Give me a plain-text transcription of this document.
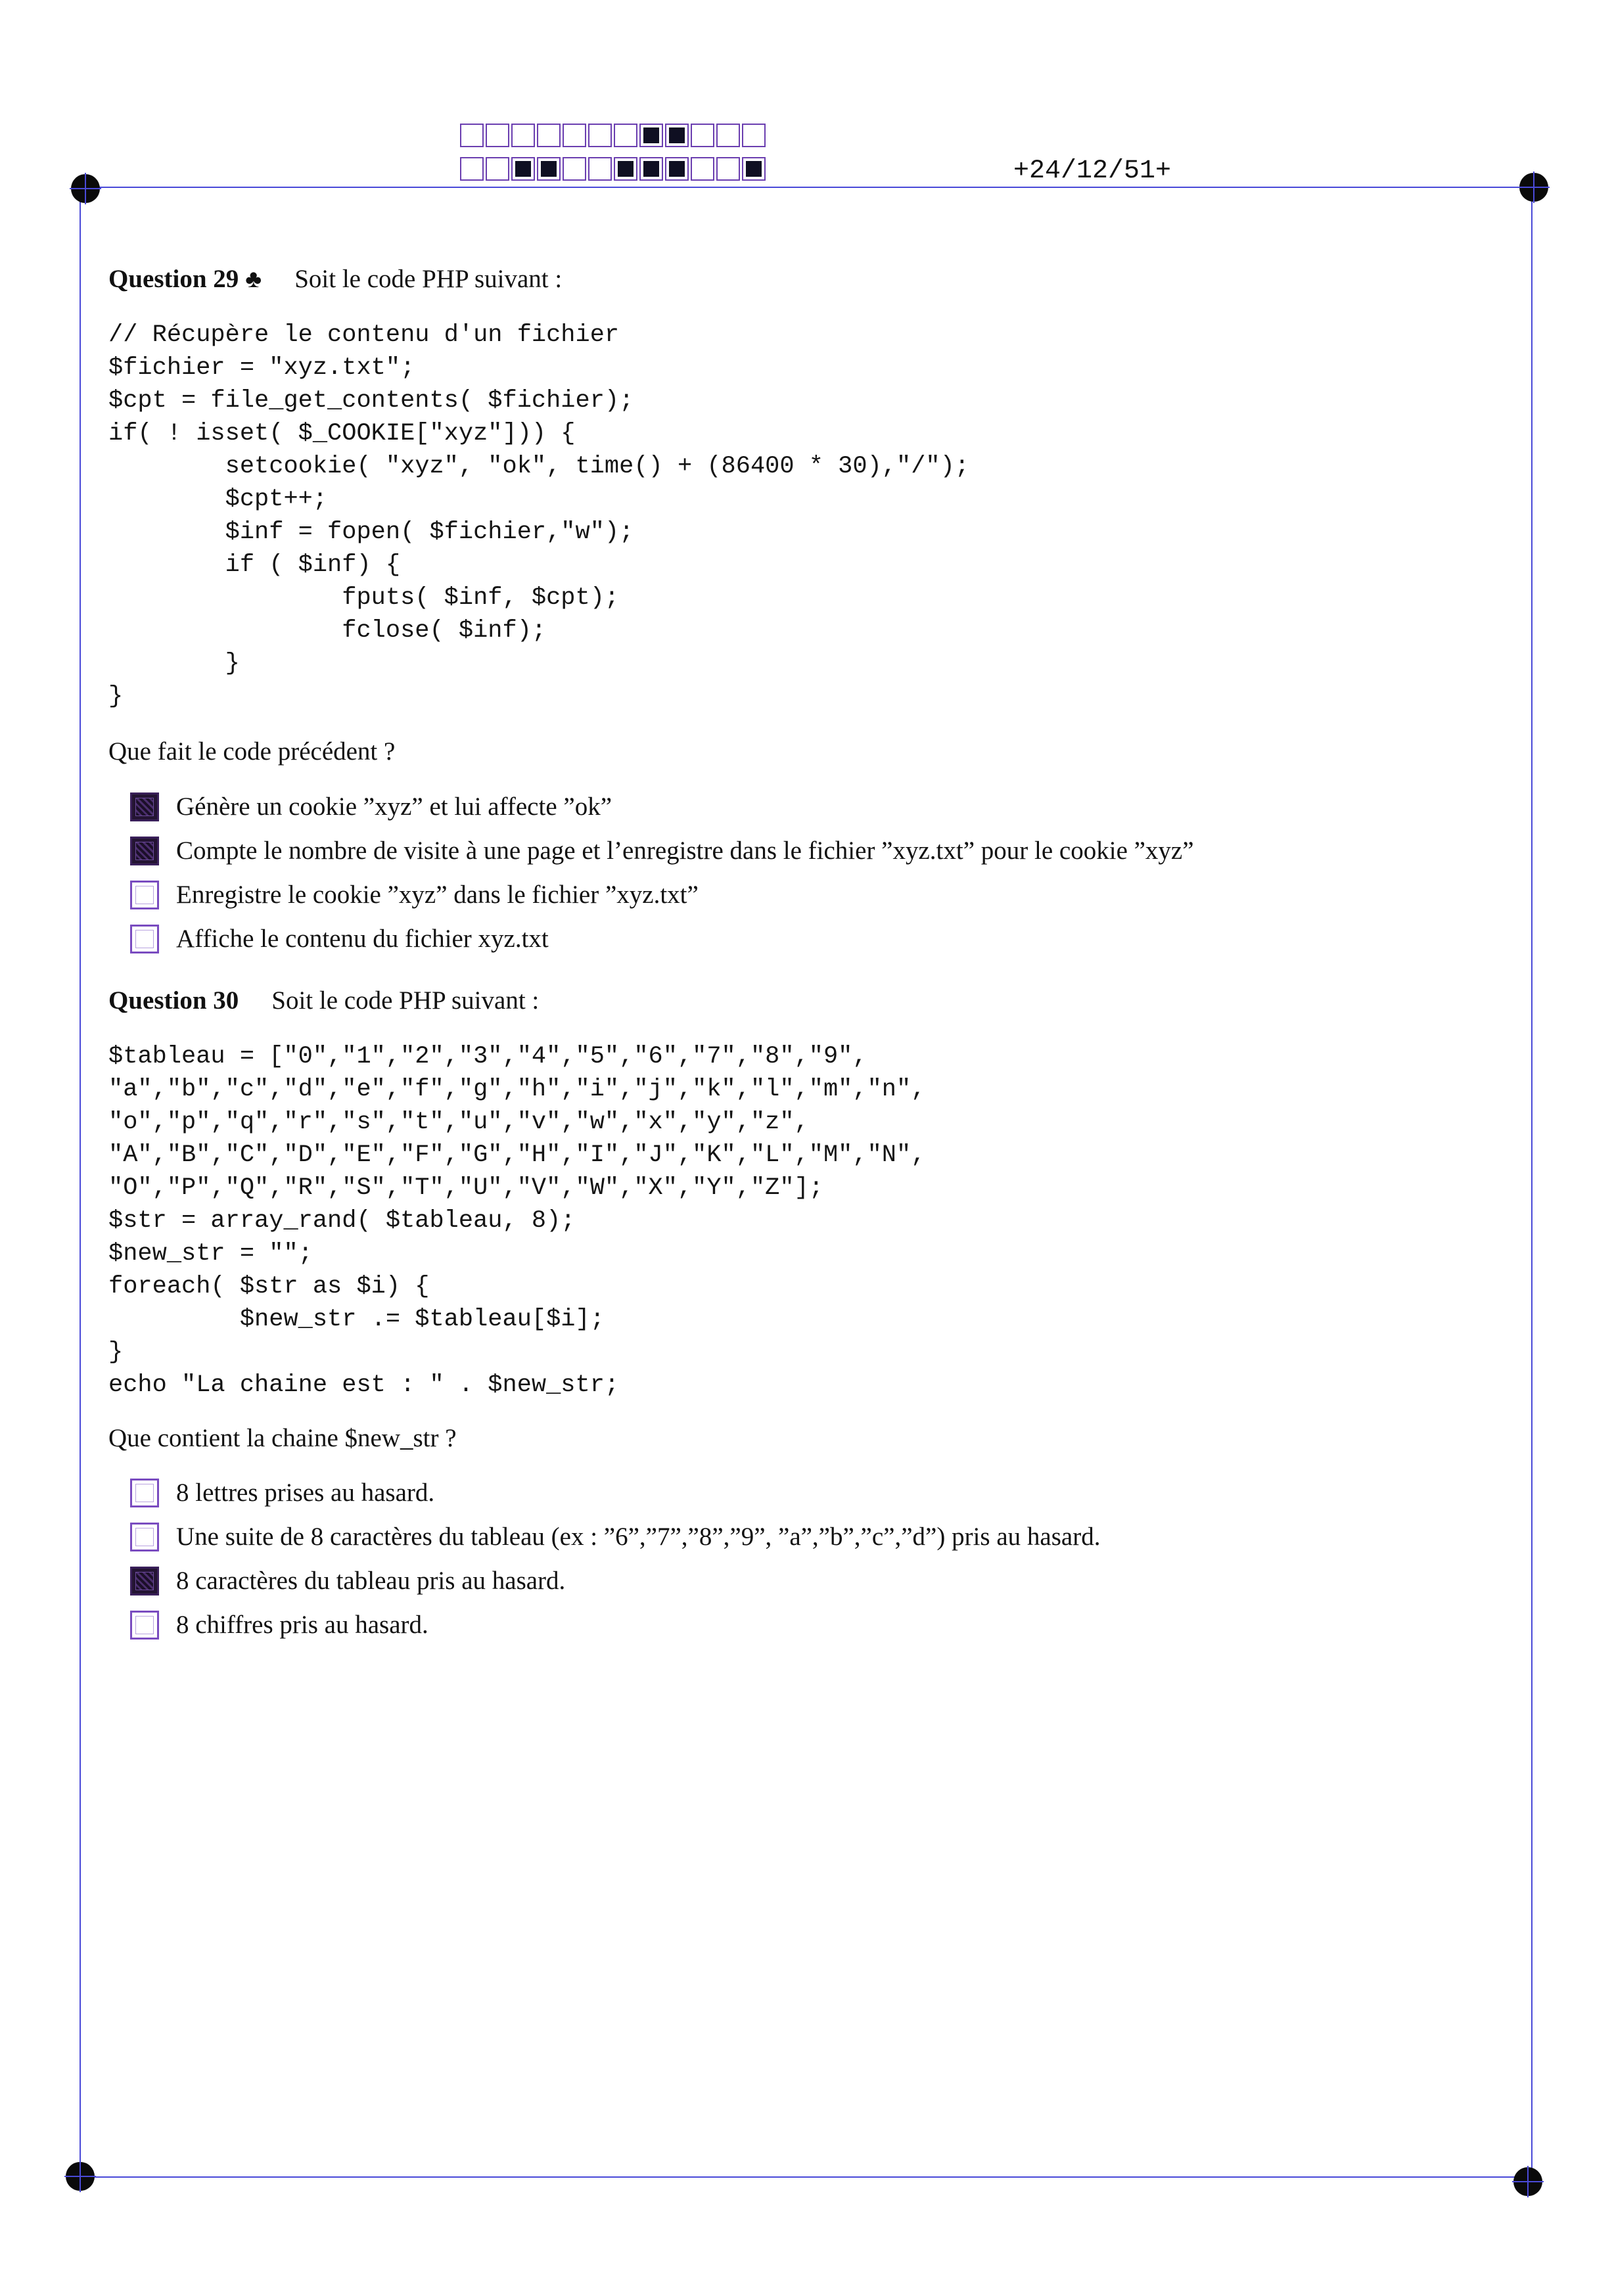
+24/12/51+
Question 29 ♣ Soit le code PHP suivant :
// Récupère le contenu d'un fichier
$fichier = "xyz.txt";
$cpt = file_get_contents( $fichier);
if( ! isset( $_COOKIE["xyz"])) {
setcookie( "xyz", "ok", time() + (86400 * 30),"/");
$cpt++;
$inf = fopen( $fichier,"w");
if ( $inf) {
fputs( $inf, $cpt);
fclose( $inf);
}
}
Que fait le code précédent ?
Génère un cookie ”xyz” et lui affecte ”ok”
Compte le nombre de visite à une page et l’enregistre dans le fichier ”xyz.txt” pour le cookie ”xyz”
Enregistre le cookie ”xyz” dans le fichier ”xyz.txt”
Affiche le contenu du fichier xyz.txt
Question 30 Soit le code PHP suivant :
$tableau = ["0","1","2","3","4","5","6","7","8","9",
"a","b","c","d","e","f","g","h","i","j","k","l","m","n",
"o","p","q","r","s","t","u","v","w","x","y","z",
"A","B","C","D","E","F","G","H","I","J","K","L","M","N",
"O","P","Q","R","S","T","U","V","W","X","Y","Z"];
$str = array_rand( $tableau, 8);
$new_str = "";
foreach( $str as $i) {
$new_str .= $tableau[$i];
}
echo "La chaine est : " . $new_str;
Que contient la chaine $new_str ?
8 lettres prises au hasard.
Une suite de 8 caractères du tableau (ex : ”6”,”7”,”8”,”9”, ”a”,”b”,”c”,”d”) pris au hasard.
8 caractères du tableau pris au hasard.
8 chiffres pris au hasard.
